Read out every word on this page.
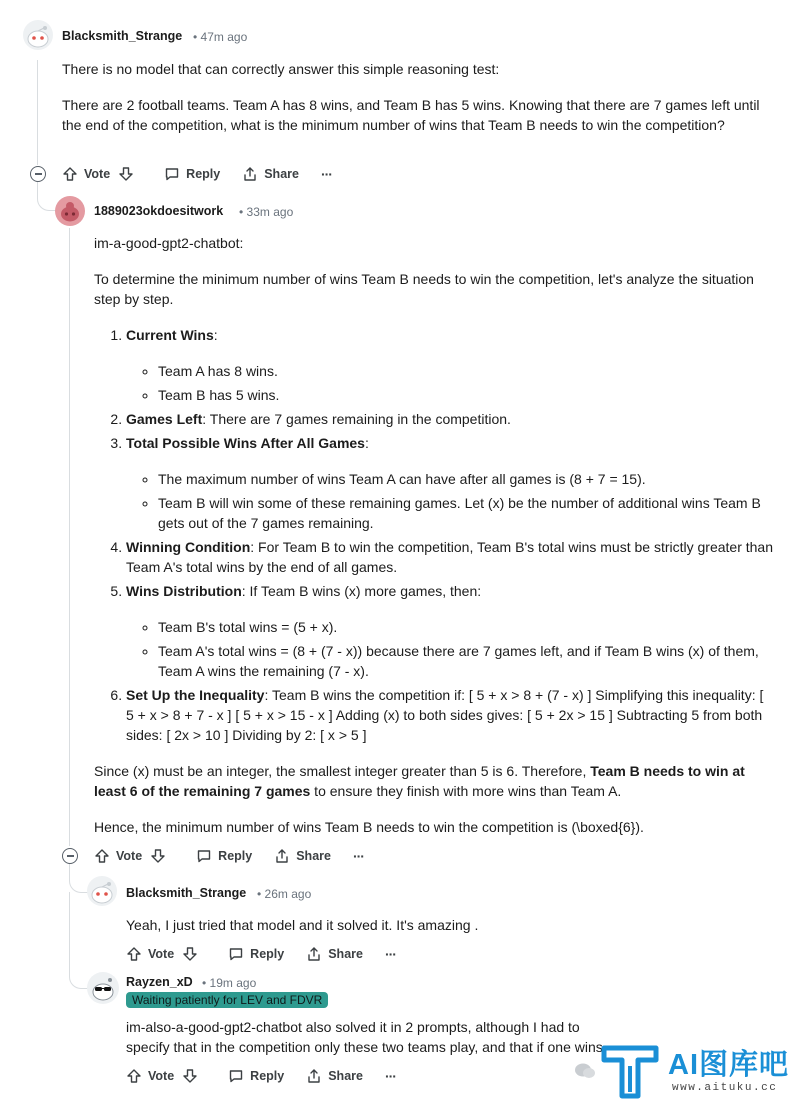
Blacksmith_Strange • 47m ago

There is no model that can correctly answer this simple reasoning test:

There are 2 football teams. Team A has 8 wins, and Team B has 5 wins. Knowing that there are 7 games left until the end of the competition, what is the minimum number of wins that Team B needs to win the competition?

Vote	Reply	Share ···
1889023okdoesitwork • 33m ago

im-a-good-gpt2-chatbot:

To determine the minimum number of wins Team B needs to win the competition, let's analyze the situation step by step.

1. Current Wins:
◦ Team A has 8 wins.
◦ Team B has 5 wins.
2. Games Left: There are 7 games remaining in the competition.
3. Total Possible Wins After All Games:
◦ The maximum number of wins Team A can have after all games is (8 + 7 = 15).
◦ Team B will win some of these remaining games. Let (x) be the number of additional wins Team B gets out of the 7 games remaining.
4. Winning Condition: For Team B to win the competition, Team B's total wins must be strictly greater than Team A's total wins by the end of all games.
5. Wins Distribution: If Team B wins (x) more games, then:
◦ Team B's total wins = (5 + x).
◦ Team A's total wins = (8 + (7 - x)) because there are 7 games left, and if Team B wins (x) of them, Team A wins the remaining (7 - x).
6. Set Up the Inequality: Team B wins the competition if: [ 5 + x > 8 + (7 - x) ] Simplifying this inequality: [ 5 + x > 8 + 7 - x ] [ 5 + x > 15 - x ] Adding (x) to both sides gives: [ 5 + 2x > 15 ] Subtracting 5 from both sides: [ 2x > 10 ] Dividing by 2: [ x > 5 ]

Since (x) must be an integer, the smallest integer greater than 5 is 6. Therefore, Team B needs to win at least 6 of the remaining 7 games to ensure they finish with more wins than Team A.

Hence, the minimum number of wins Team B needs to win the competition is (\boxed{6}).

Vote	Reply	Share ···
Blacksmith_Strange • 26m ago

Yeah, I just tried that model and it solved it. It's amazing .

Vote	Reply	Share ···
Rayzen_xD • 19m ago
Waiting patiently for LEV and FDVR

im-also-a-good-gpt2-chatbot also solved it in 2 prompts, although I had to specify that in the competition only these two teams play, and that if one wins

Vote	Reply	Share ···	AI图库吧
www.aituku.cc
